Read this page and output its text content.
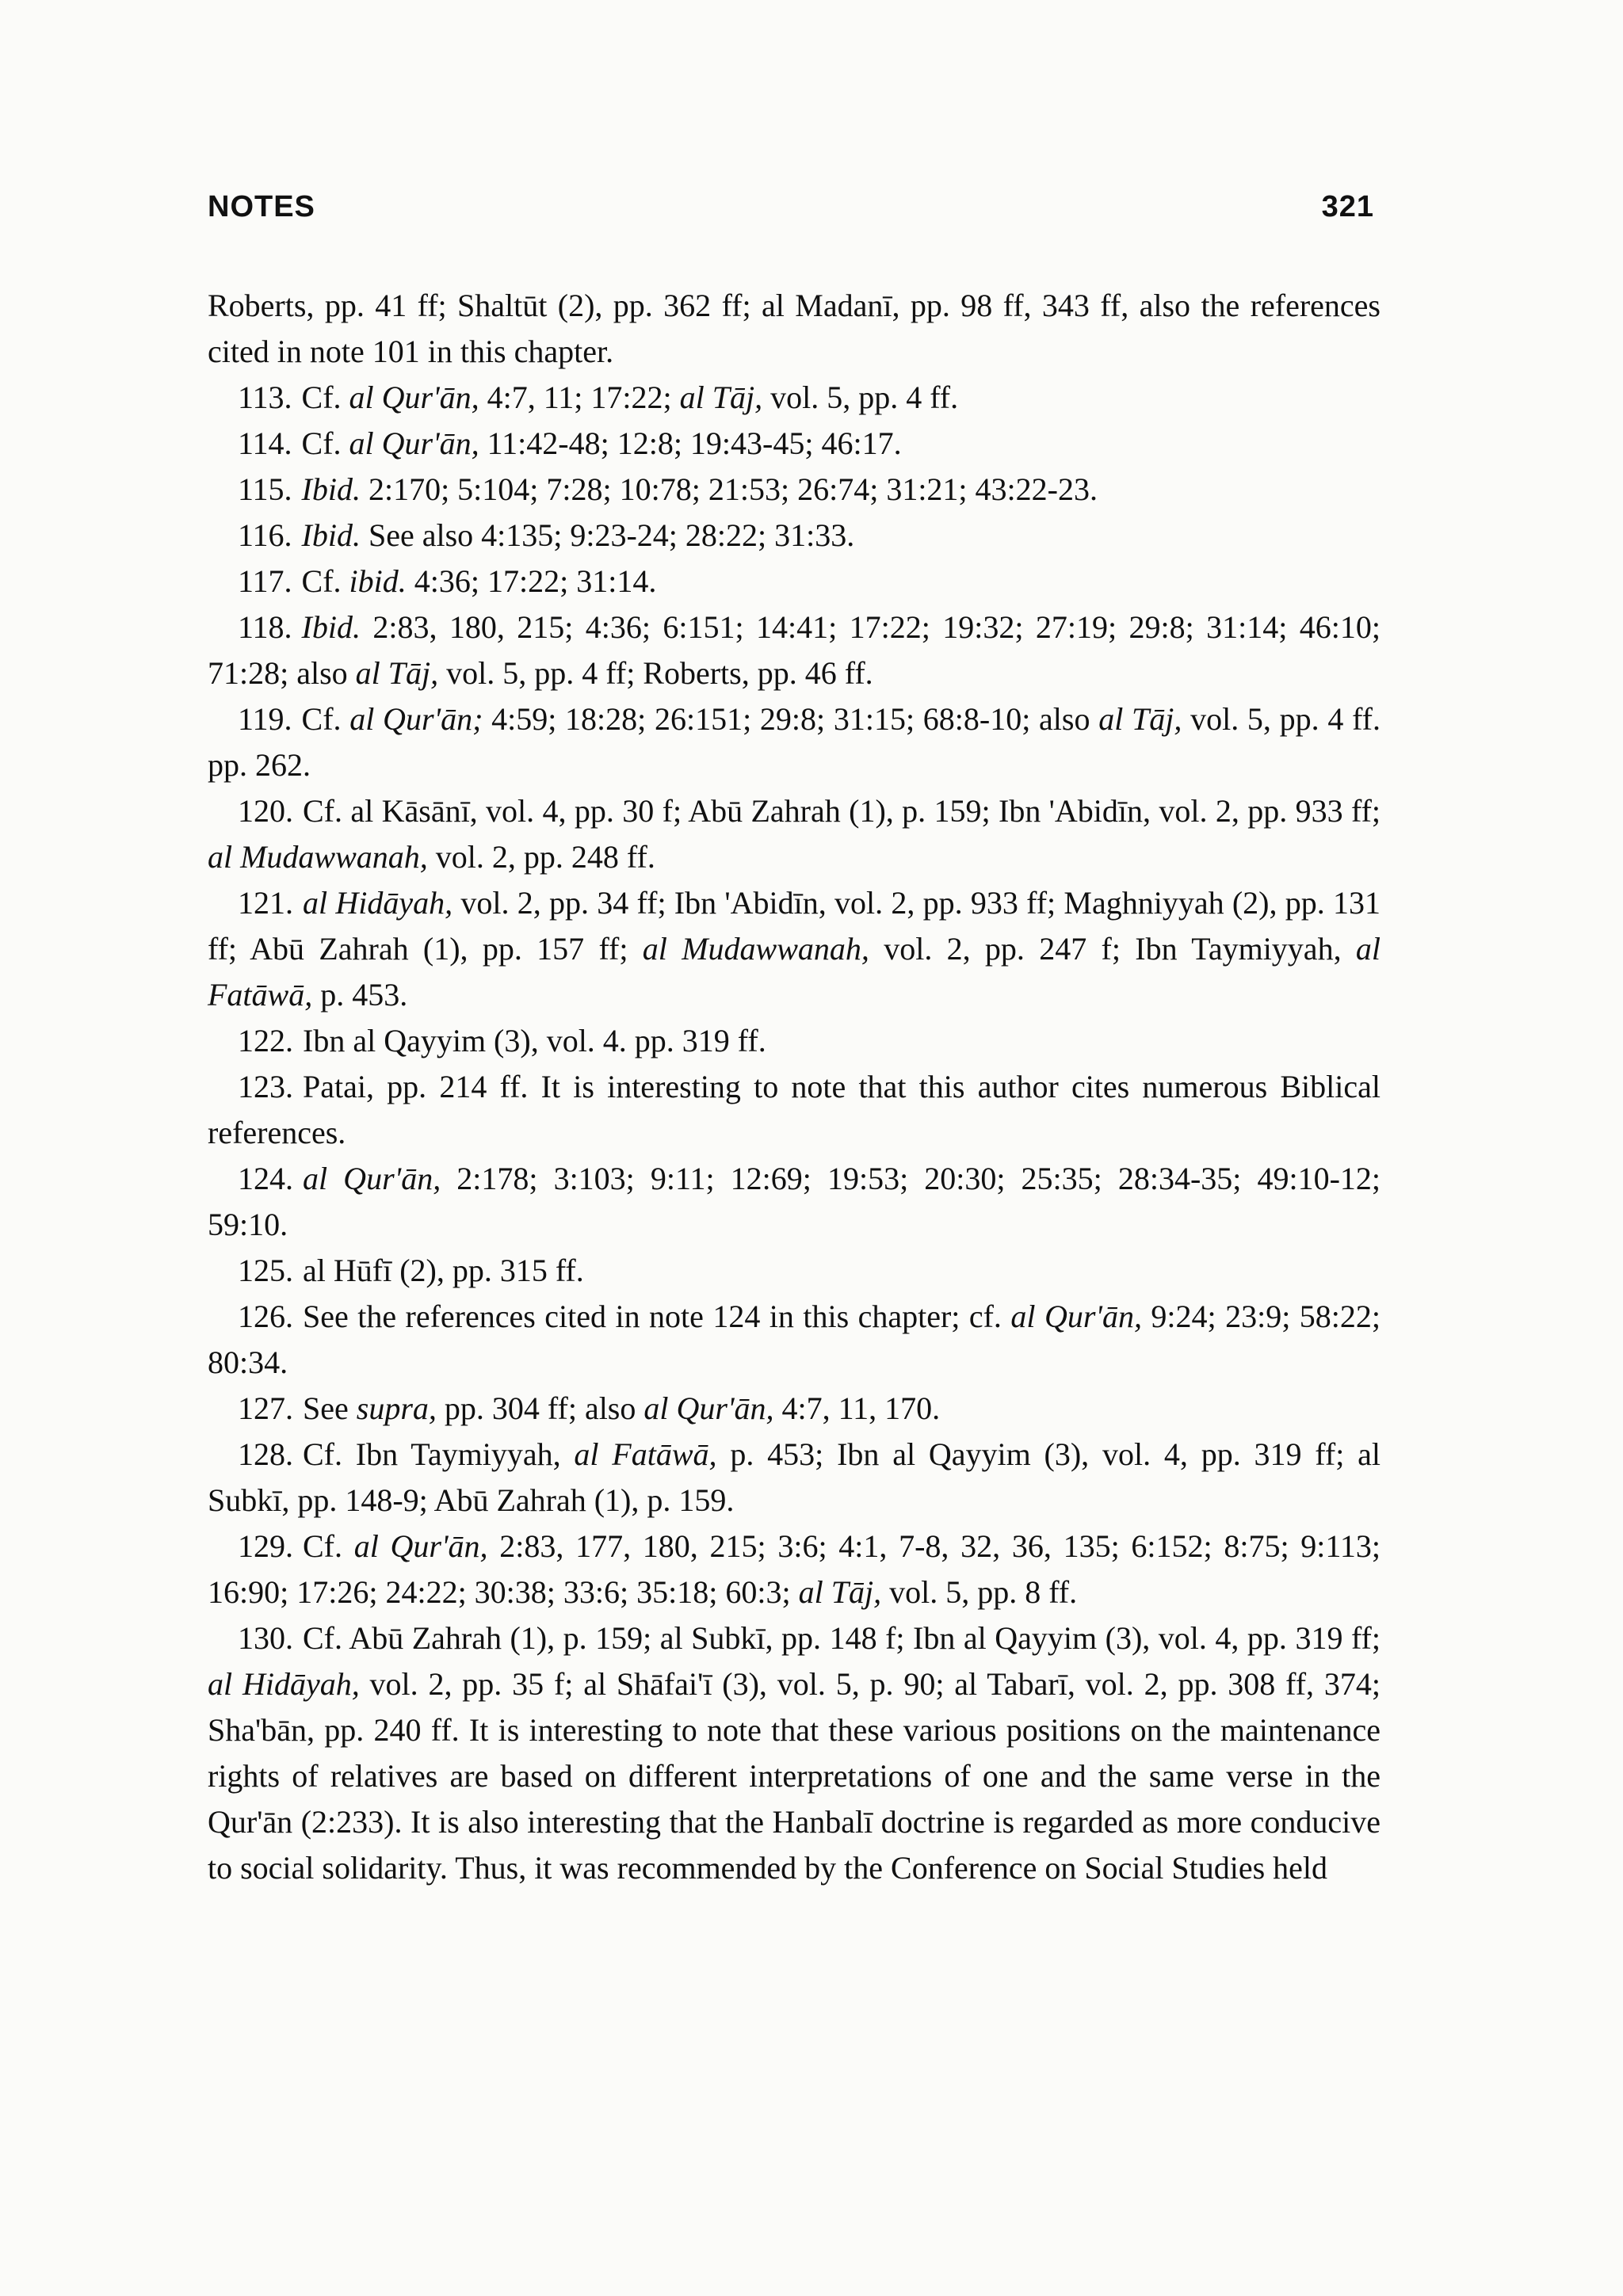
NOTES	321

Roberts, pp. 41 ff; Shaltūt (2), pp. 362 ff; al Madanī, pp. 98 ff, 343 ff, also the references cited in note 101 in this chapter.

113. Cf. al Qur'ān, 4:7, 11; 17:22; al Tāj, vol. 5, pp. 4 ff.

114. Cf. al Qur'ān, 11:42-48; 12:8; 19:43-45; 46:17.

115. Ibid. 2:170; 5:104; 7:28; 10:78; 21:53; 26:74; 31:21; 43:22-23.

116. Ibid. See also 4:135; 9:23-24; 28:22; 31:33.

117. Cf. ibid. 4:36; 17:22; 31:14.

118. Ibid. 2:83, 180, 215; 4:36; 6:151; 14:41; 17:22; 19:32; 27:19; 29:8; 31:14; 46:10; 71:28; also al Tāj, vol. 5, pp. 4 ff; Roberts, pp. 46 ff.

119. Cf. al Qur'ān; 4:59; 18:28; 26:151; 29:8; 31:15; 68:8-10; also al Tāj, vol. 5, pp. 4 ff. pp. 262.

120. Cf. al Kāsānī, vol. 4, pp. 30 f; Abū Zahrah (1), p. 159; Ibn 'Abidīn, vol. 2, pp. 933 ff; al Mudawwanah, vol. 2, pp. 248 ff.

121. al Hidāyah, vol. 2, pp. 34 ff; Ibn 'Abidīn, vol. 2, pp. 933 ff; Maghniyyah (2), pp. 131 ff; Abū Zahrah (1), pp. 157 ff; al Mudawwanah, vol. 2, pp. 247 f; Ibn Taymiyyah, al Fatāwā, p. 453.

122. Ibn al Qayyim (3), vol. 4. pp. 319 ff.

123. Patai, pp. 214 ff. It is interesting to note that this author cites numerous Biblical references.

124. al Qur'ān, 2:178; 3:103; 9:11; 12:69; 19:53; 20:30; 25:35; 28:34-35; 49:10-12; 59:10.

125. al Hūfī (2), pp. 315 ff.

126. See the references cited in note 124 in this chapter; cf. al Qur'ān, 9:24; 23:9; 58:22; 80:34.

127. See supra, pp. 304 ff; also al Qur'ān, 4:7, 11, 170.

128. Cf. Ibn Taymiyyah, al Fatāwā, p. 453; Ibn al Qayyim (3), vol. 4, pp. 319 ff; al Subkī, pp. 148-9; Abū Zahrah (1), p. 159.

129. Cf. al Qur'ān, 2:83, 177, 180, 215; 3:6; 4:1, 7-8, 32, 36, 135; 6:152; 8:75; 9:113; 16:90; 17:26; 24:22; 30:38; 33:6; 35:18; 60:3; al Tāj, vol. 5, pp. 8 ff.

130. Cf. Abū Zahrah (1), p. 159; al Subkī, pp. 148 f; Ibn al Qayyim (3), vol. 4, pp. 319 ff; al Hidāyah, vol. 2, pp. 35 f; al Shāfai'ī (3), vol. 5, p. 90; al Tabarī, vol. 2, pp. 308 ff, 374; Sha'bān, pp. 240 ff. It is interesting to note that these various positions on the maintenance rights of relatives are based on different interpretations of one and the same verse in the Qur'ān (2:233). It is also interesting that the Hanbalī doctrine is regarded as more conducive to social solidarity. Thus, it was recommended by the Conference on Social Studies held
